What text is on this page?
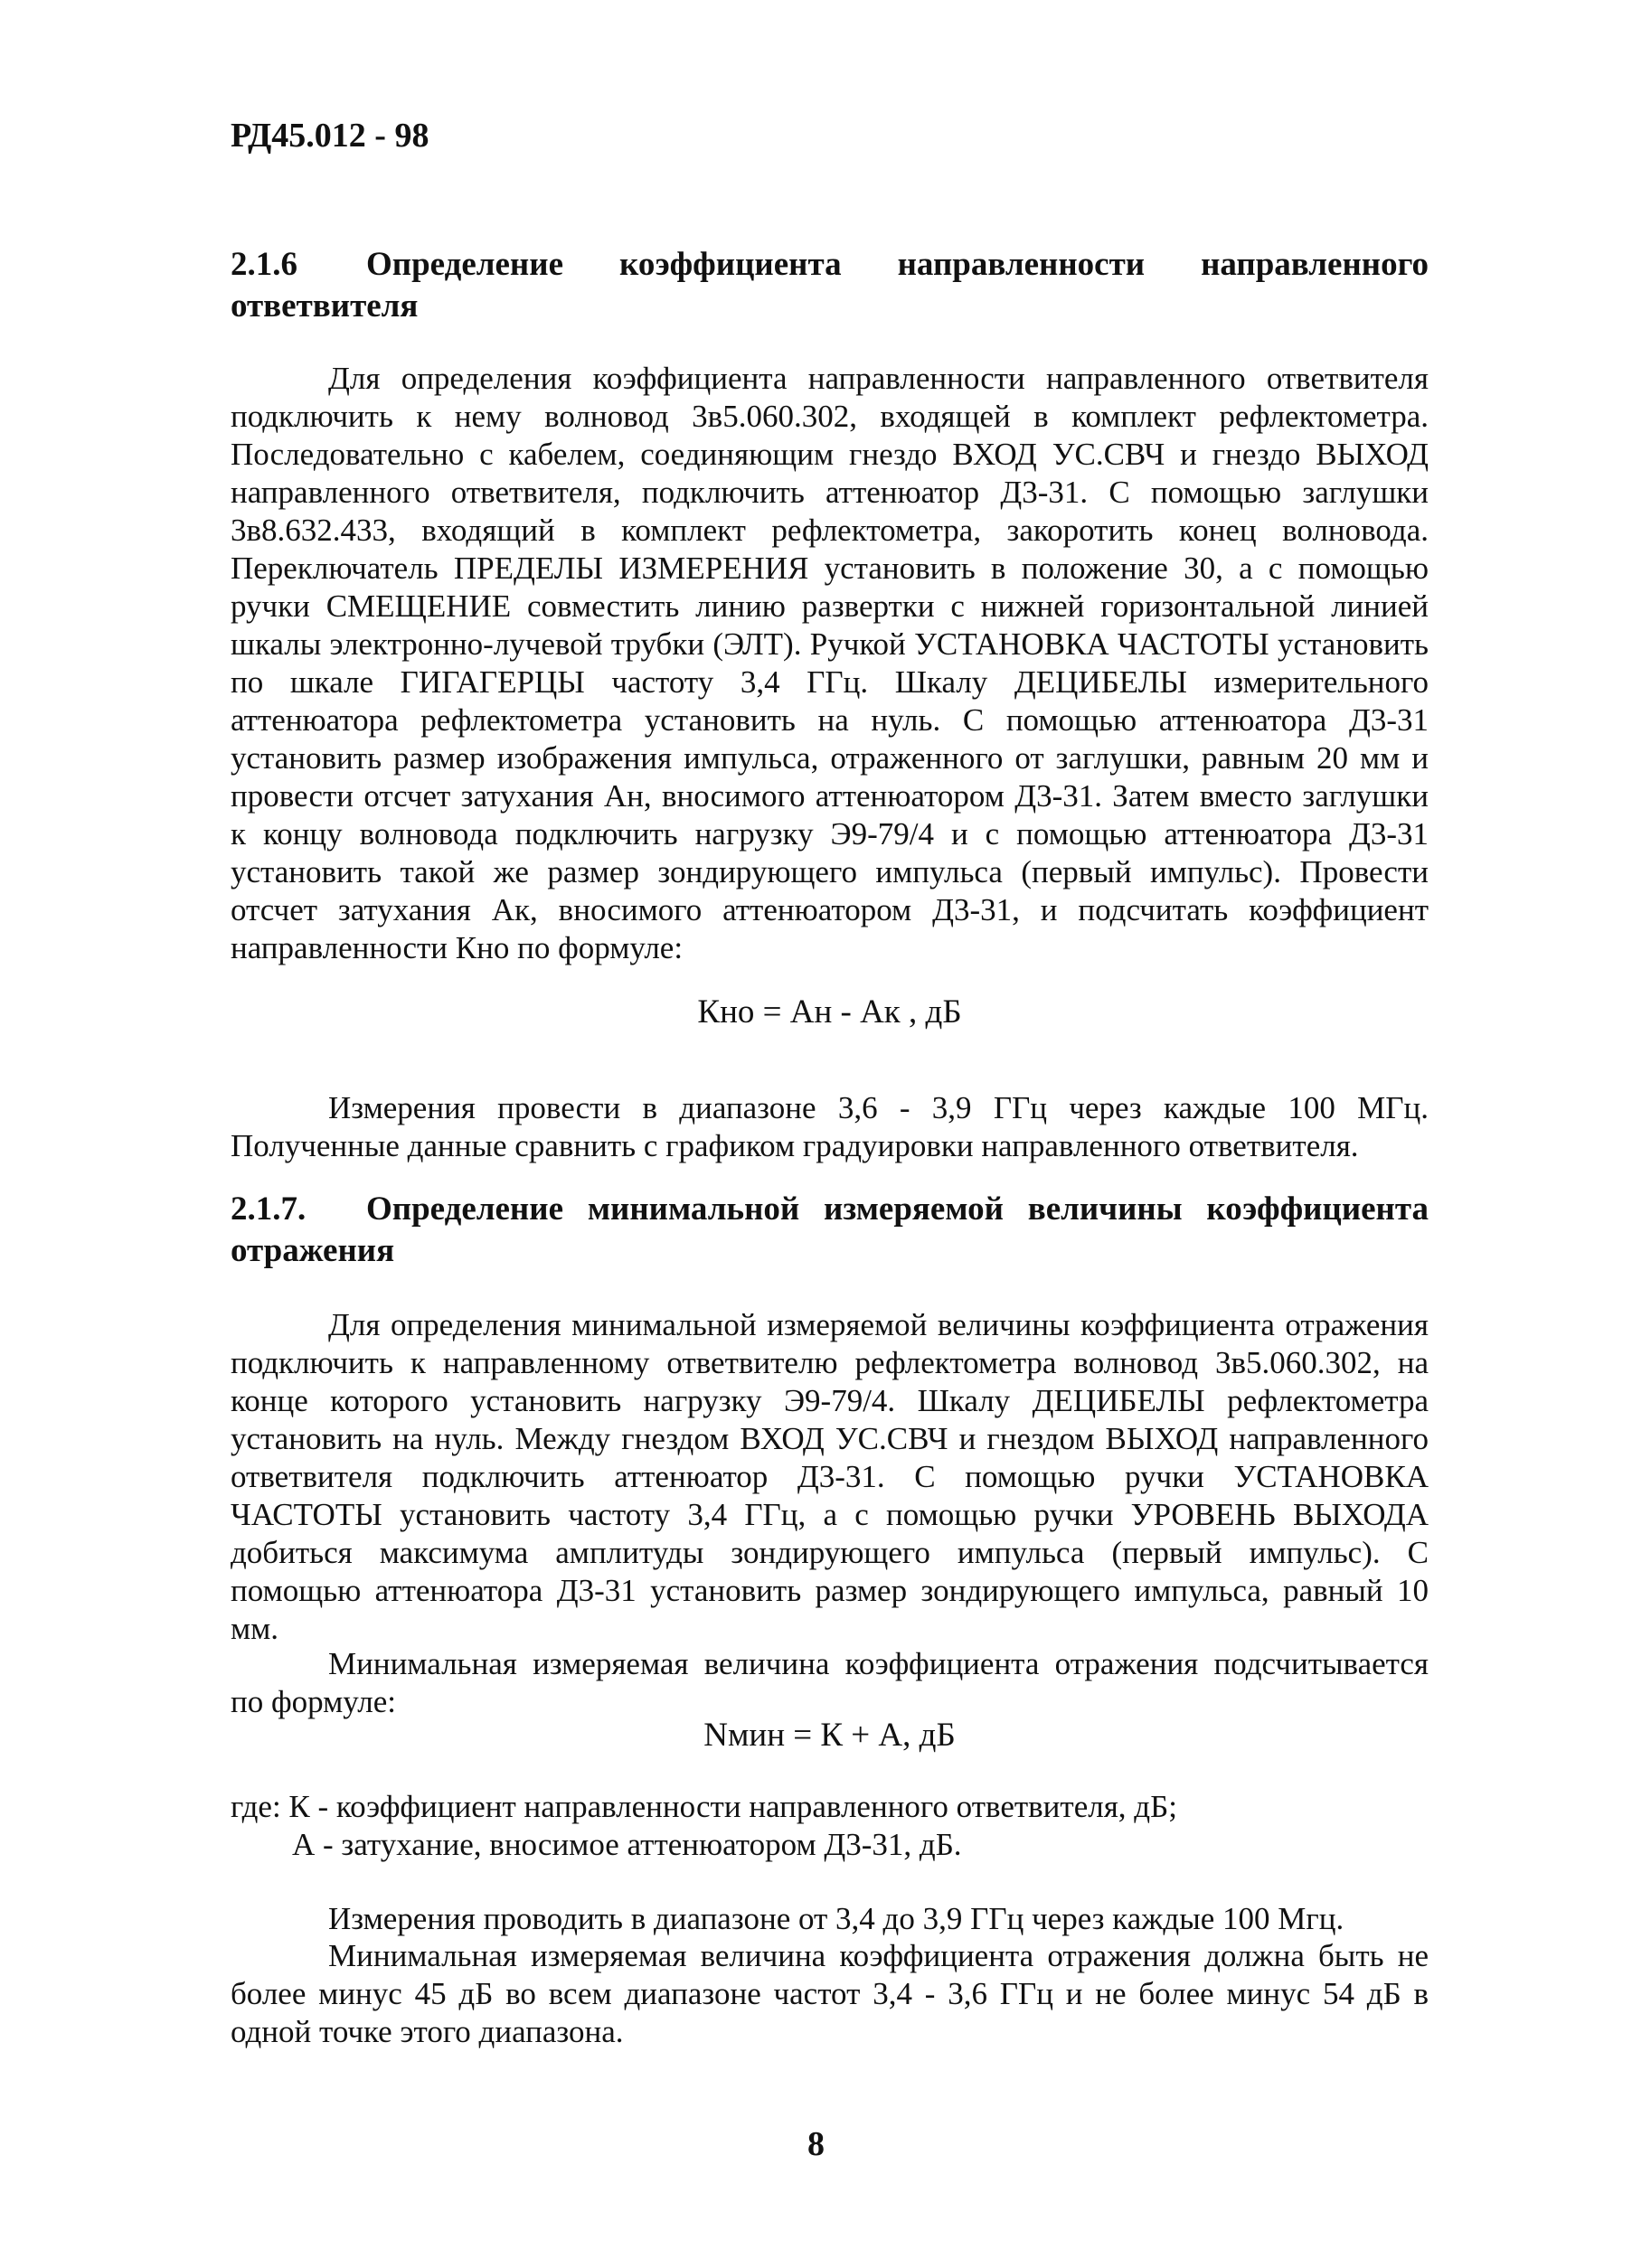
РД45.012 - 98
2.1.6 Определение коэффициента направленности направленного
ответвителя

Для определения коэффициента направленности направленного ответвителя подключить к нему волновод 3в5.060.302, входящей в комплект рефлектометра. Последовательно с кабелем, соединяющим гнездо ВХОД УС.СВЧ и гнездо ВЫХОД направленного ответвителя, подключить аттенюатор Д3-31. С помощью заглушки 3в8.632.433, входящий в комплект рефлектометра, закоротить конец волновода. Переключатель ПРЕДЕЛЫ ИЗМЕРЕНИЯ установить в положение 30, а с помощью ручки СМЕЩЕНИЕ совместить линию развертки с нижней горизонтальной линией шкалы электронно-лучевой трубки (ЭЛТ). Ручкой УСТАНОВКА ЧАСТОТЫ установить по шкале ГИГАГЕРЦЫ частоту 3,4 ГГц. Шкалу ДЕЦИБЕЛЫ измерительного аттенюатора рефлектометра установить на нуль. С помощью аттенюатора Д3-31 установить размер изображения импульса, отраженного от заглушки, равным 20 мм и провести отсчет затухания Ан, вносимого аттенюатором Д3-31. Затем вместо заглушки к концу волновода подключить нагрузку Э9-79/4 и с помощью аттенюатора Д3-31 установить такой же размер зондирующего импульса (первый импульс). Провести отсчет затухания Ак, вносимого аттенюатором Д3-31, и подсчитать коэффициент направленности Кно по формуле:

Кно = Ан - Ак , дБ

Измерения провести в диапазоне 3,6 - 3,9 ГГц через каждые 100 МГц. Полученные данные сравнить с графиком градуировки направленного ответвителя.

2.1.7. Определение минимальной измеряемой величины коэффициента
отражения

Для определения минимальной измеряемой величины коэффициента отражения подключить к направленному ответвителю рефлектометра волновод 3в5.060.302, на конце которого установить нагрузку Э9-79/4. Шкалу ДЕЦИБЕЛЫ рефлектометра установить на нуль. Между гнездом ВХОД УС.СВЧ и гнездом ВЫХОД направленного ответвителя подключить аттенюатор Д3-31. С помощью ручки УСТАНОВКА ЧАСТОТЫ установить частоту 3,4 ГГц, а с помощью ручки УРОВЕНЬ ВЫХОДА добиться максимума амплитуды зондирующего импульса (первый импульс). С помощью аттенюатора Д3-31 установить размер зондирующего импульса, равный 10 мм.

Минимальная измеряемая величина коэффициента отражения подсчитывается по формуле:

Nмин = К + А, дБ
где: К - коэффициент направленности направленного ответвителя, дБ;
А - затухание, вносимое аттенюатором Д3-31, дБ.

Измерения проводить в диапазоне от 3,4 до 3,9 ГГц через каждые 100 Мгц.

Минимальная измеряемая величина коэффициента отражения должна быть не более минус 45 дБ во всем диапазоне частот 3,4 - 3,6 ГГц и не более минус 54 дБ в одной точке этого диапазона.

8
